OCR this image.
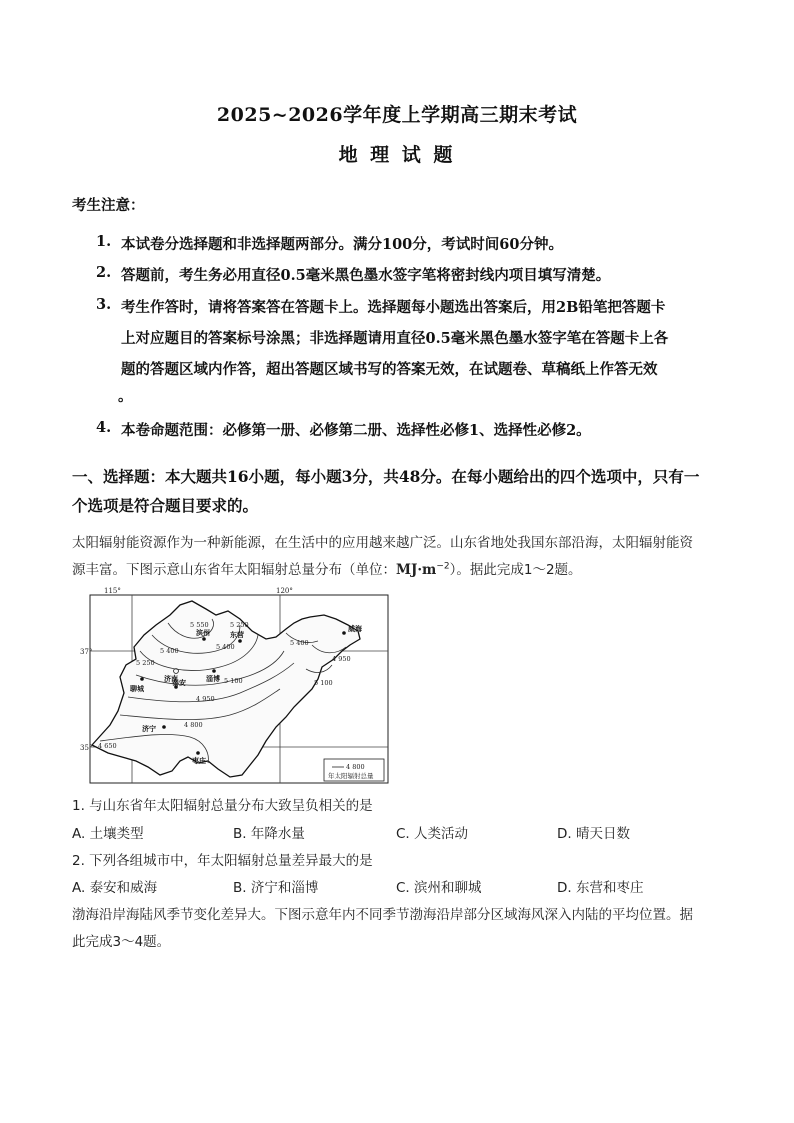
2025~2026学年度上学期高三期末考试
地 理 试 题
考生注意：
1. 本试卷分选择题和非选择题两部分。满分100分，考试时间60分钟。
2. 答题前，考生务必用直径0.5毫米黑色墨水签字笔将密封线内项目填写清楚。
3. 考生作答时，请将答案答在答题卡上。选择题每小题选出答案后，用2B铅笔把答题卡
上对应题目的答案标号涂黑；非选择题请用直径0.5毫米黑色墨水签字笔在答题卡上各
题的答题区域内作答，超出答题区域书写的答案无效，在试题卷、草稿纸上作答无效
。
4. 本卷命题范围：必修第一册、必修第二册、选择性必修1、选择性必修2。
一、选择题：本大题共16小题，每小题3分，共48分。在每小题给出的四个选项中，只有一
个选项是符合题目要求的。
太阳辐射能资源作为一种新能源，在生活中的应用越来越广泛。山东省地处我国东部沿海，太阳辐射能资
源丰富。下图示意山东省年太阳辐射总量分布（单位：$MJ\cdot m^{-2}$）。据此完成1～2题。
115°	120°
37°
35°
5 550	5 250
5 400	5 400
5 250
5 100
4 950
4 800
4 650
5 400
4 950
5 100
滨州	东营
威海
济南	淄博
聊城
泰安
济宁
枣庄
4 800
年太阳辐射总量
1. 与山东省年太阳辐射总量分布大致呈负相关的是
A. 土壤类型	B. 年降水量	C. 人类活动	D. 晴天日数
2. 下列各组城市中，年太阳辐射总量差异最大的是
A. 泰安和威海	B. 济宁和淄博	C. 滨州和聊城	D. 东营和枣庄
渤海沿岸海陆风季节变化差异大。下图示意年内不同季节渤海沿岸部分区域海风深入内陆的平均位置。据
此完成3～4题。
